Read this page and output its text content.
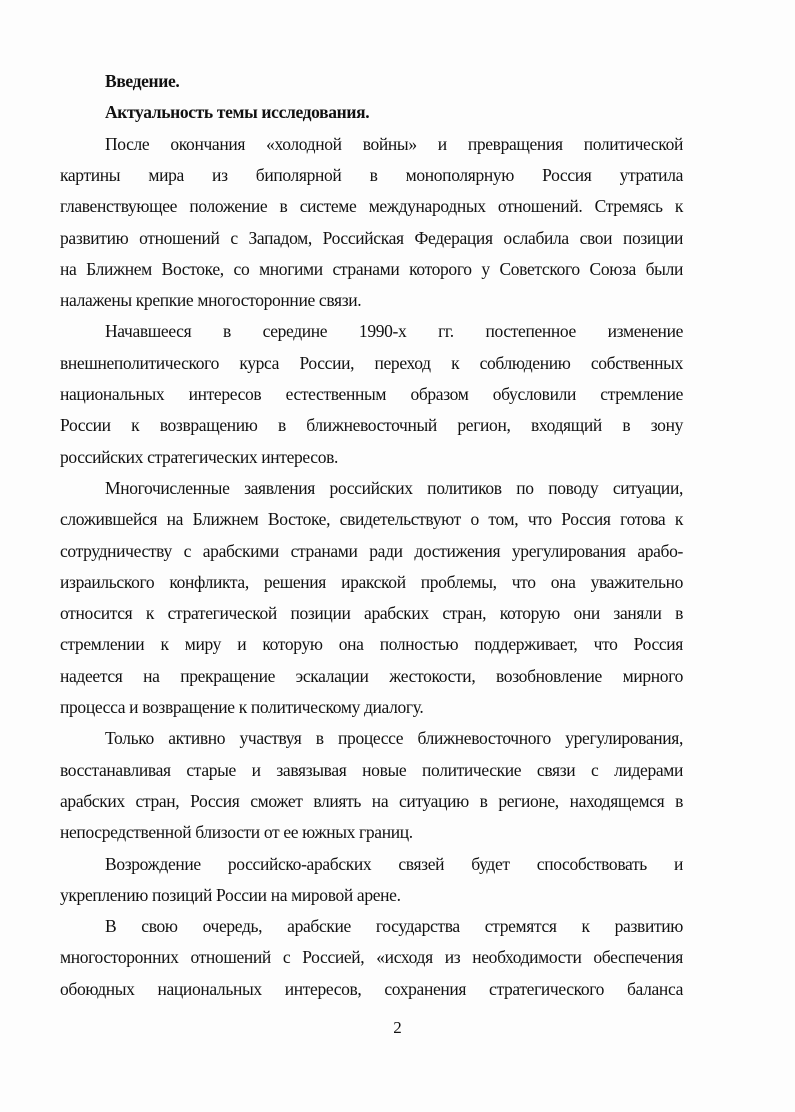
2
Введение.
Актуальность темы исследования.
После окончания «холодной войны» и превращения политической
картины мира из биполярной в монополярную Россия утратила
главенствующее положение в системе международных отношений. Стремясь к
развитию отношений с Западом, Российская Федерация ослабила свои позиции
на Ближнем Востоке, со многими странами которого у Советского Союза были
налажены крепкие многосторонние связи.
Начавшееся в середине 1990-х гг. постепенное изменение
внешнеполитического курса России, переход к соблюдению собственных
национальных интересов естественным образом обусловили стремление
России к возвращению в ближневосточный регион, входящий в зону
российских стратегических интересов.
Многочисленные заявления российских политиков по поводу ситуации,
сложившейся на Ближнем Востоке, свидетельствуют о том, что Россия готова к
сотрудничеству с арабскими странами ради достижения урегулирования арабо-
израильского конфликта, решения иракской проблемы, что она уважительно
относится к стратегической позиции арабских стран, которую они заняли в
стремлении к миру и которую она полностью поддерживает, что Россия
надеется на прекращение эскалации жестокости, возобновление мирного
процесса и возвращение к политическому диалогу.
Только активно участвуя в процессе ближневосточного урегулирования,
восстанавливая старые и завязывая новые политические связи с лидерами
арабских стран, Россия сможет влиять на ситуацию в регионе, находящемся в
непосредственной близости от ее южных границ.
Возрождение российско-арабских связей будет способствовать и
укреплению позиций России на мировой арене.
В свою очередь, арабские государства стремятся к развитию
многосторонних отношений с Россией, «исходя из необходимости обеспечения
обоюдных национальных интересов, сохранения стратегического баланса
